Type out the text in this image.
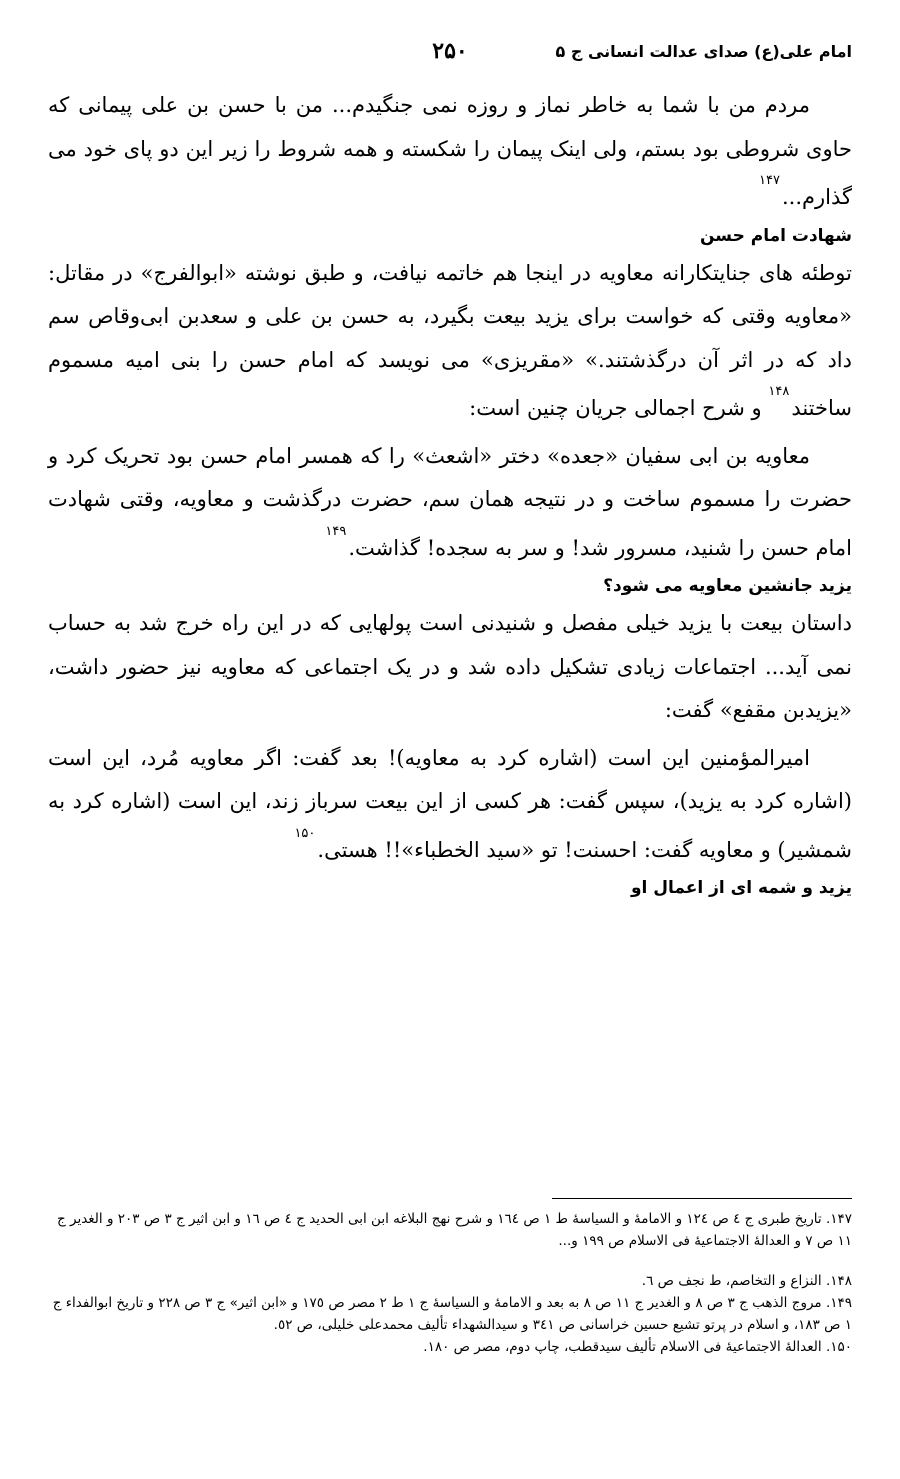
امام علی(ع) صدای عدالت انسانی ج ۵
۲۵۰

مردم من با شما به خاطر نماز و روزه نمی جنگیدم... من با حسن بن علی پیمانی که حاوی شروطی بود بستم، ولی اینک پیمان را شکسته و همه شروط را زیر این دو پای خود می گذارم...$^{۱۴۷}$

شهادت امام حسن

توطئه های جنایتکارانه معاویه در اینجا هم خاتمه نیافت، و طبق نوشته «ابوالفرج» در مقاتل: «معاویه وقتی که خواست برای یزید بیعت بگیرد، به حسن بن علی و سعدبن ابی‌وقاص سم داد که در اثر آن درگذشتند.» «مقریزی» می نویسد که امام حسن را بنی امیه مسموم ساختند$^{۱۴۸}$ و شرح اجمالی جریان چنین است:

معاویه بن ابی سفیان «جعده» دختر «اشعث» را که همسر امام حسن بود تحریک کرد و حضرت را مسموم ساخت و در نتیجه همان سم، حضرت درگذشت و معاویه، وقتی شهادت امام حسن را شنید، مسرور شد! و سر به سجده! گذاشت.$^{۱۴۹}$

یزید جانشین معاویه می شود؟

داستان بیعت با یزید خیلی مفصل و شنیدنی است پولهایی که در این راه خرج شد به حساب نمی آید... اجتماعات زیادی تشکیل داده شد و در یک اجتماعی که معاویه نیز حضور داشت، «یزیدبن مقفع» گفت:

امیرالمؤمنین این است (اشاره کرد به معاویه)! بعد گفت: اگر معاویه مُرد، این است (اشاره کرد به یزید)، سپس گفت: هر کسی از این بیعت سرباز زند، این است (اشاره کرد به شمشیر) و معاویه گفت: احسنت! تو «سید الخطباء»!! هستی.$^{۱۵۰}$

یزید و شمه ای از اعمال او

۱۴۷. تاریخ طبری ج ٤ ص ١٢٤ و الامامهٔ و السیاسهٔ ط ١ ص ١٦٤ و شرح نهج البلاغه ابن ابی الحدید ج ٤ ص ١٦ و ابن اثیر ج ٣ ص ٢٠٣ و الغدیر ج ١١ ص ٧ و العدالهٔ الاجتماعیهٔ فی الاسلام ص ١٩٩ و...

۱۴۸. النزاع و التخاصم، ط نجف ص ٦.

۱۴۹. مروج الذهب ج ٣ ص ٨ و الغدیر ج ١١ ص ٨ به بعد و الامامهٔ و السیاسهٔ ج ١ ط ٢ مصر ص ١٧٥ و «ابن اثیر» ج ٣ ص ٢٢٨ و تاریخ ابوالفداء ج ١ ص ١٨٣، و اسلام در پرتو تشیع حسین خراسانی ص ٣٤١ و سیدالشهداء تألیف محمدعلی خلیلی، ص ٥٢.

۱۵۰. العدالهٔ الاجتماعیهٔ فی الاسلام تألیف سیدقطب، چاپ دوم، مصر ص ١٨٠.
